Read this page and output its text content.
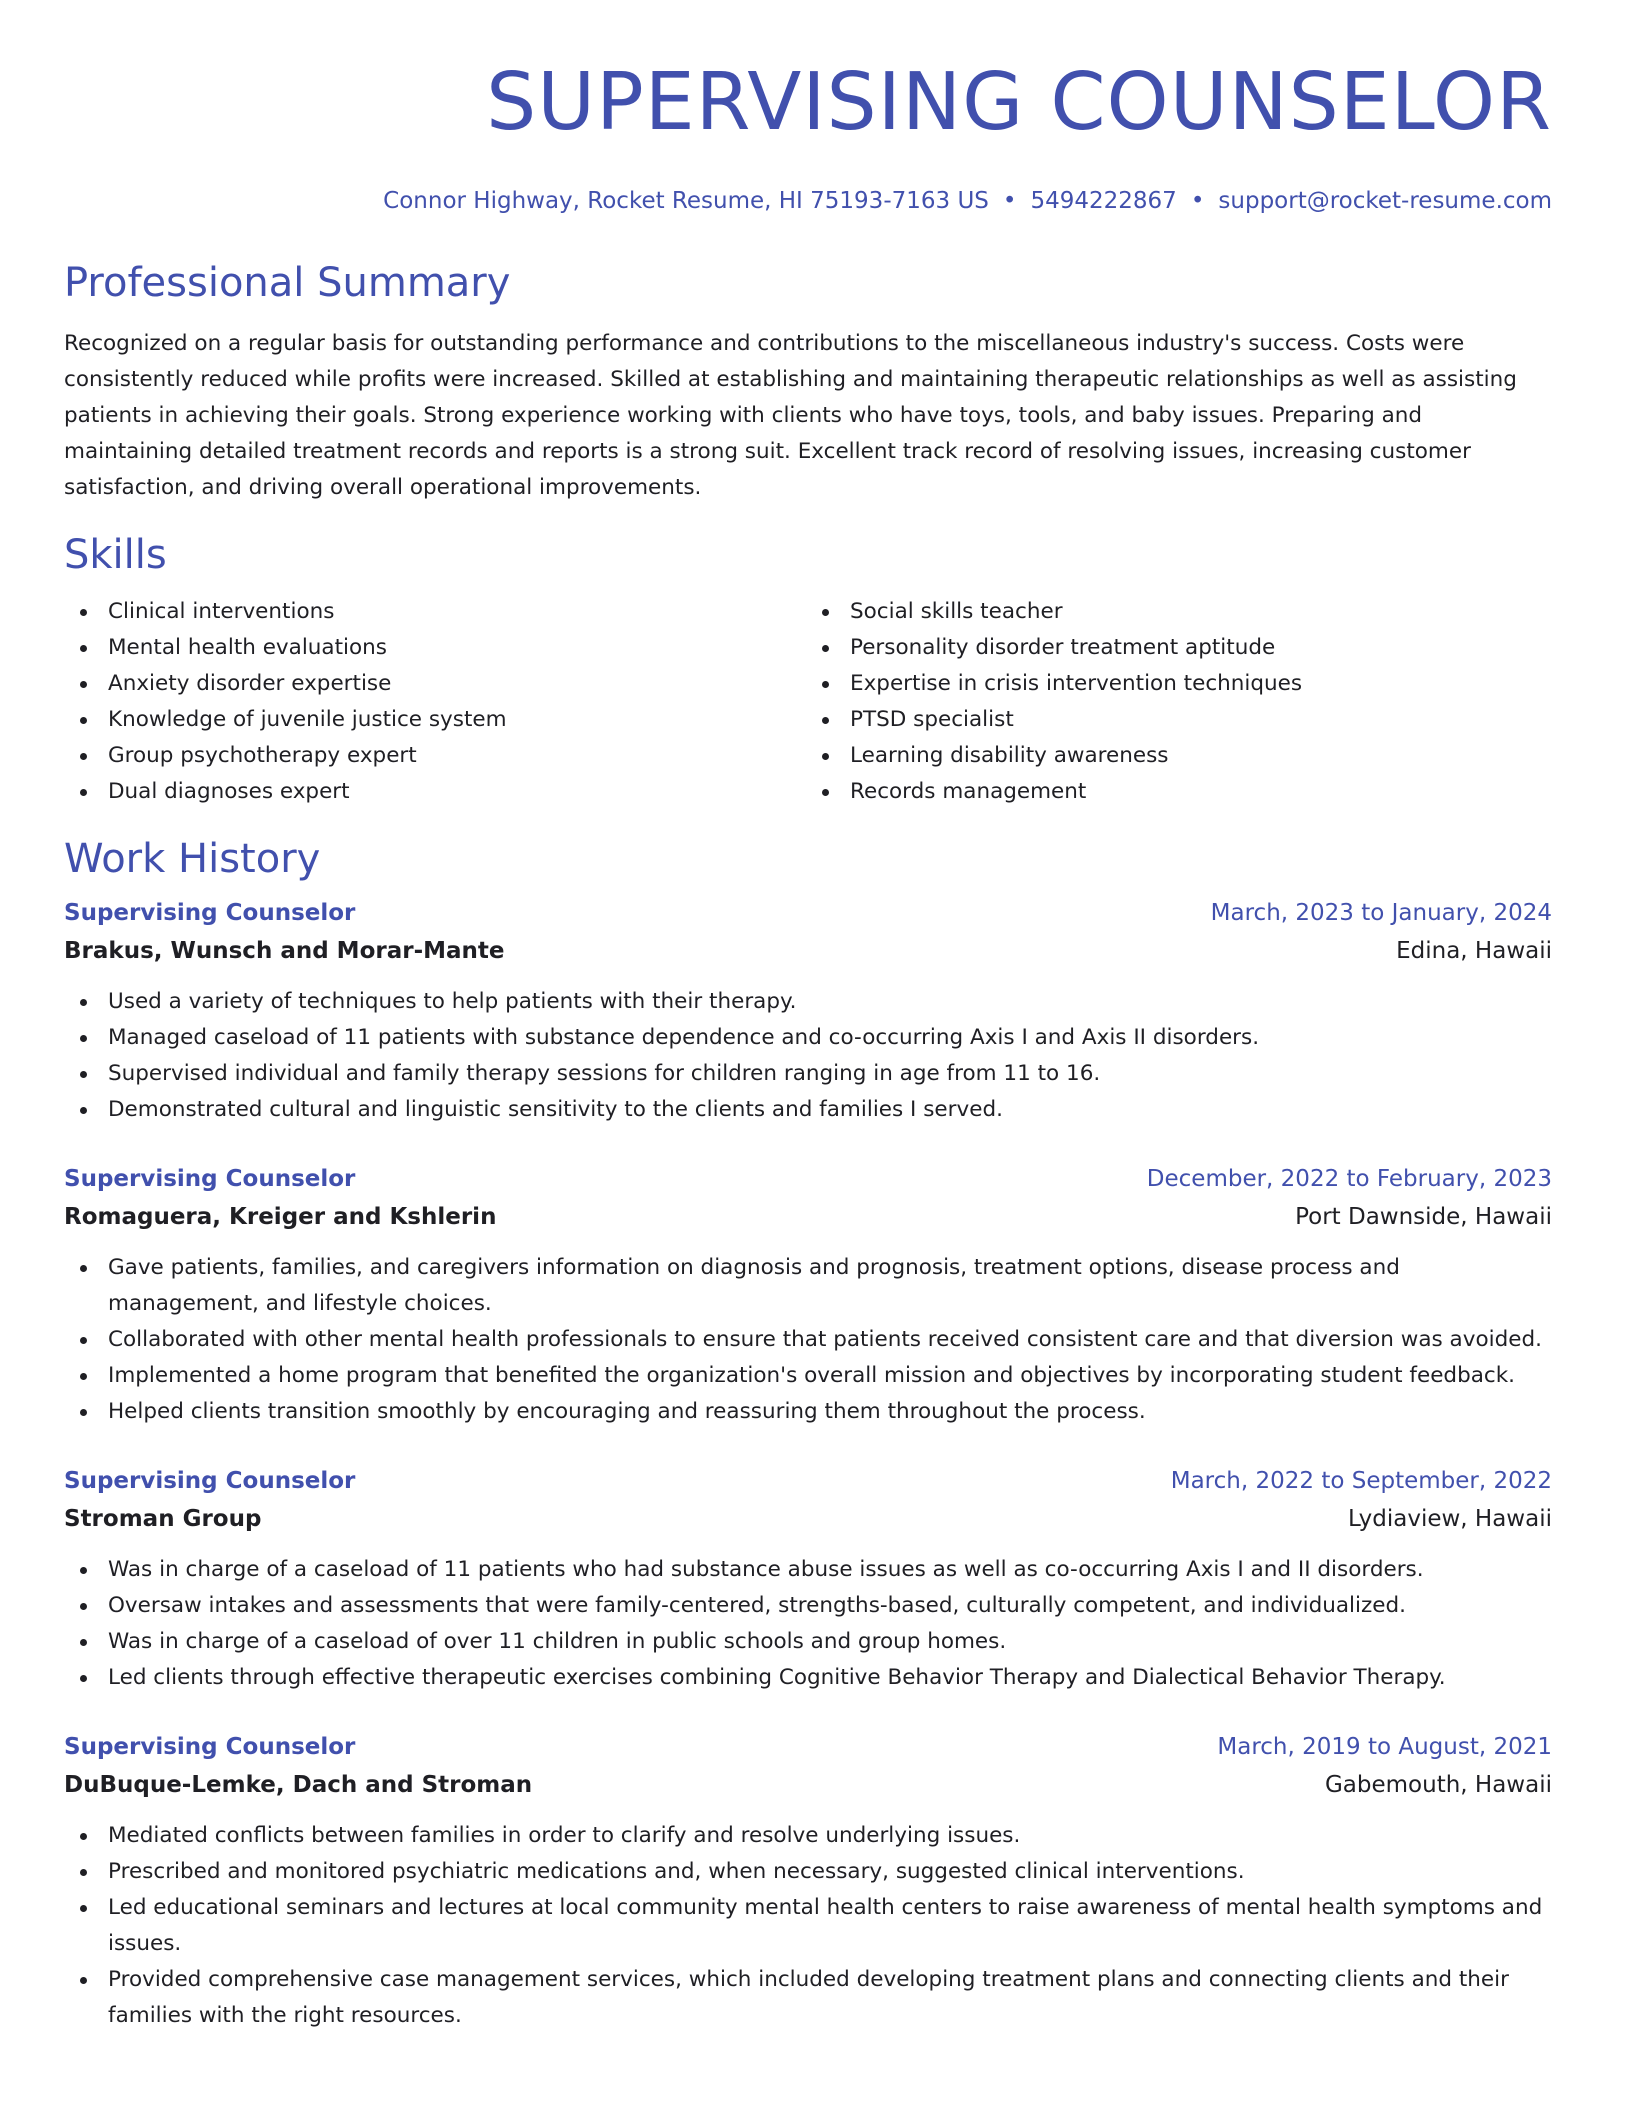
SUPERVISING COUNSELOR
Connor Highway, Rocket Resume, HI 75193-7163 US • 5494222867 • support@rocket-resume.com
Professional Summary
Recognized on a regular basis for outstanding performance and contributions to the miscellaneous industry's success. Costs were consistently reduced while profits were increased. Skilled at establishing and maintaining therapeutic relationships as well as assisting patients in achieving their goals. Strong experience working with clients who have toys, tools, and baby issues. Preparing and maintaining detailed treatment records and reports is a strong suit. Excellent track record of resolving issues, increasing customer satisfaction, and driving overall operational improvements.
Skills
Clinical interventions
Mental health evaluations
Anxiety disorder expertise
Knowledge of juvenile justice system
Group psychotherapy expert
Dual diagnoses expert
Social skills teacher
Personality disorder treatment aptitude
Expertise in crisis intervention techniques
PTSD specialist
Learning disability awareness
Records management
Work History
Supervising Counselor	March, 2023 to January, 2024
Brakus, Wunsch and Morar-Mante	Edina, Hawaii
Used a variety of techniques to help patients with their therapy.
Managed caseload of 11 patients with substance dependence and co-occurring Axis I and Axis II disorders.
Supervised individual and family therapy sessions for children ranging in age from 11 to 16.
Demonstrated cultural and linguistic sensitivity to the clients and families I served.
Supervising Counselor	December, 2022 to February, 2023
Romaguera, Kreiger and Kshlerin	Port Dawnside, Hawaii
Gave patients, families, and caregivers information on diagnosis and prognosis, treatment options, disease process and management, and lifestyle choices.
Collaborated with other mental health professionals to ensure that patients received consistent care and that diversion was avoided.
Implemented a home program that benefited the organization's overall mission and objectives by incorporating student feedback.
Helped clients transition smoothly by encouraging and reassuring them throughout the process.
Supervising Counselor	March, 2022 to September, 2022
Stroman Group	Lydiaview, Hawaii
Was in charge of a caseload of 11 patients who had substance abuse issues as well as co-occurring Axis I and II disorders.
Oversaw intakes and assessments that were family-centered, strengths-based, culturally competent, and individualized.
Was in charge of a caseload of over 11 children in public schools and group homes.
Led clients through effective therapeutic exercises combining Cognitive Behavior Therapy and Dialectical Behavior Therapy.
Supervising Counselor	March, 2019 to August, 2021
DuBuque-Lemke, Dach and Stroman	Gabemouth, Hawaii
Mediated conflicts between families in order to clarify and resolve underlying issues.
Prescribed and monitored psychiatric medications and, when necessary, suggested clinical interventions.
Led educational seminars and lectures at local community mental health centers to raise awareness of mental health symptoms and issues.
Provided comprehensive case management services, which included developing treatment plans and connecting clients and their families with the right resources.
